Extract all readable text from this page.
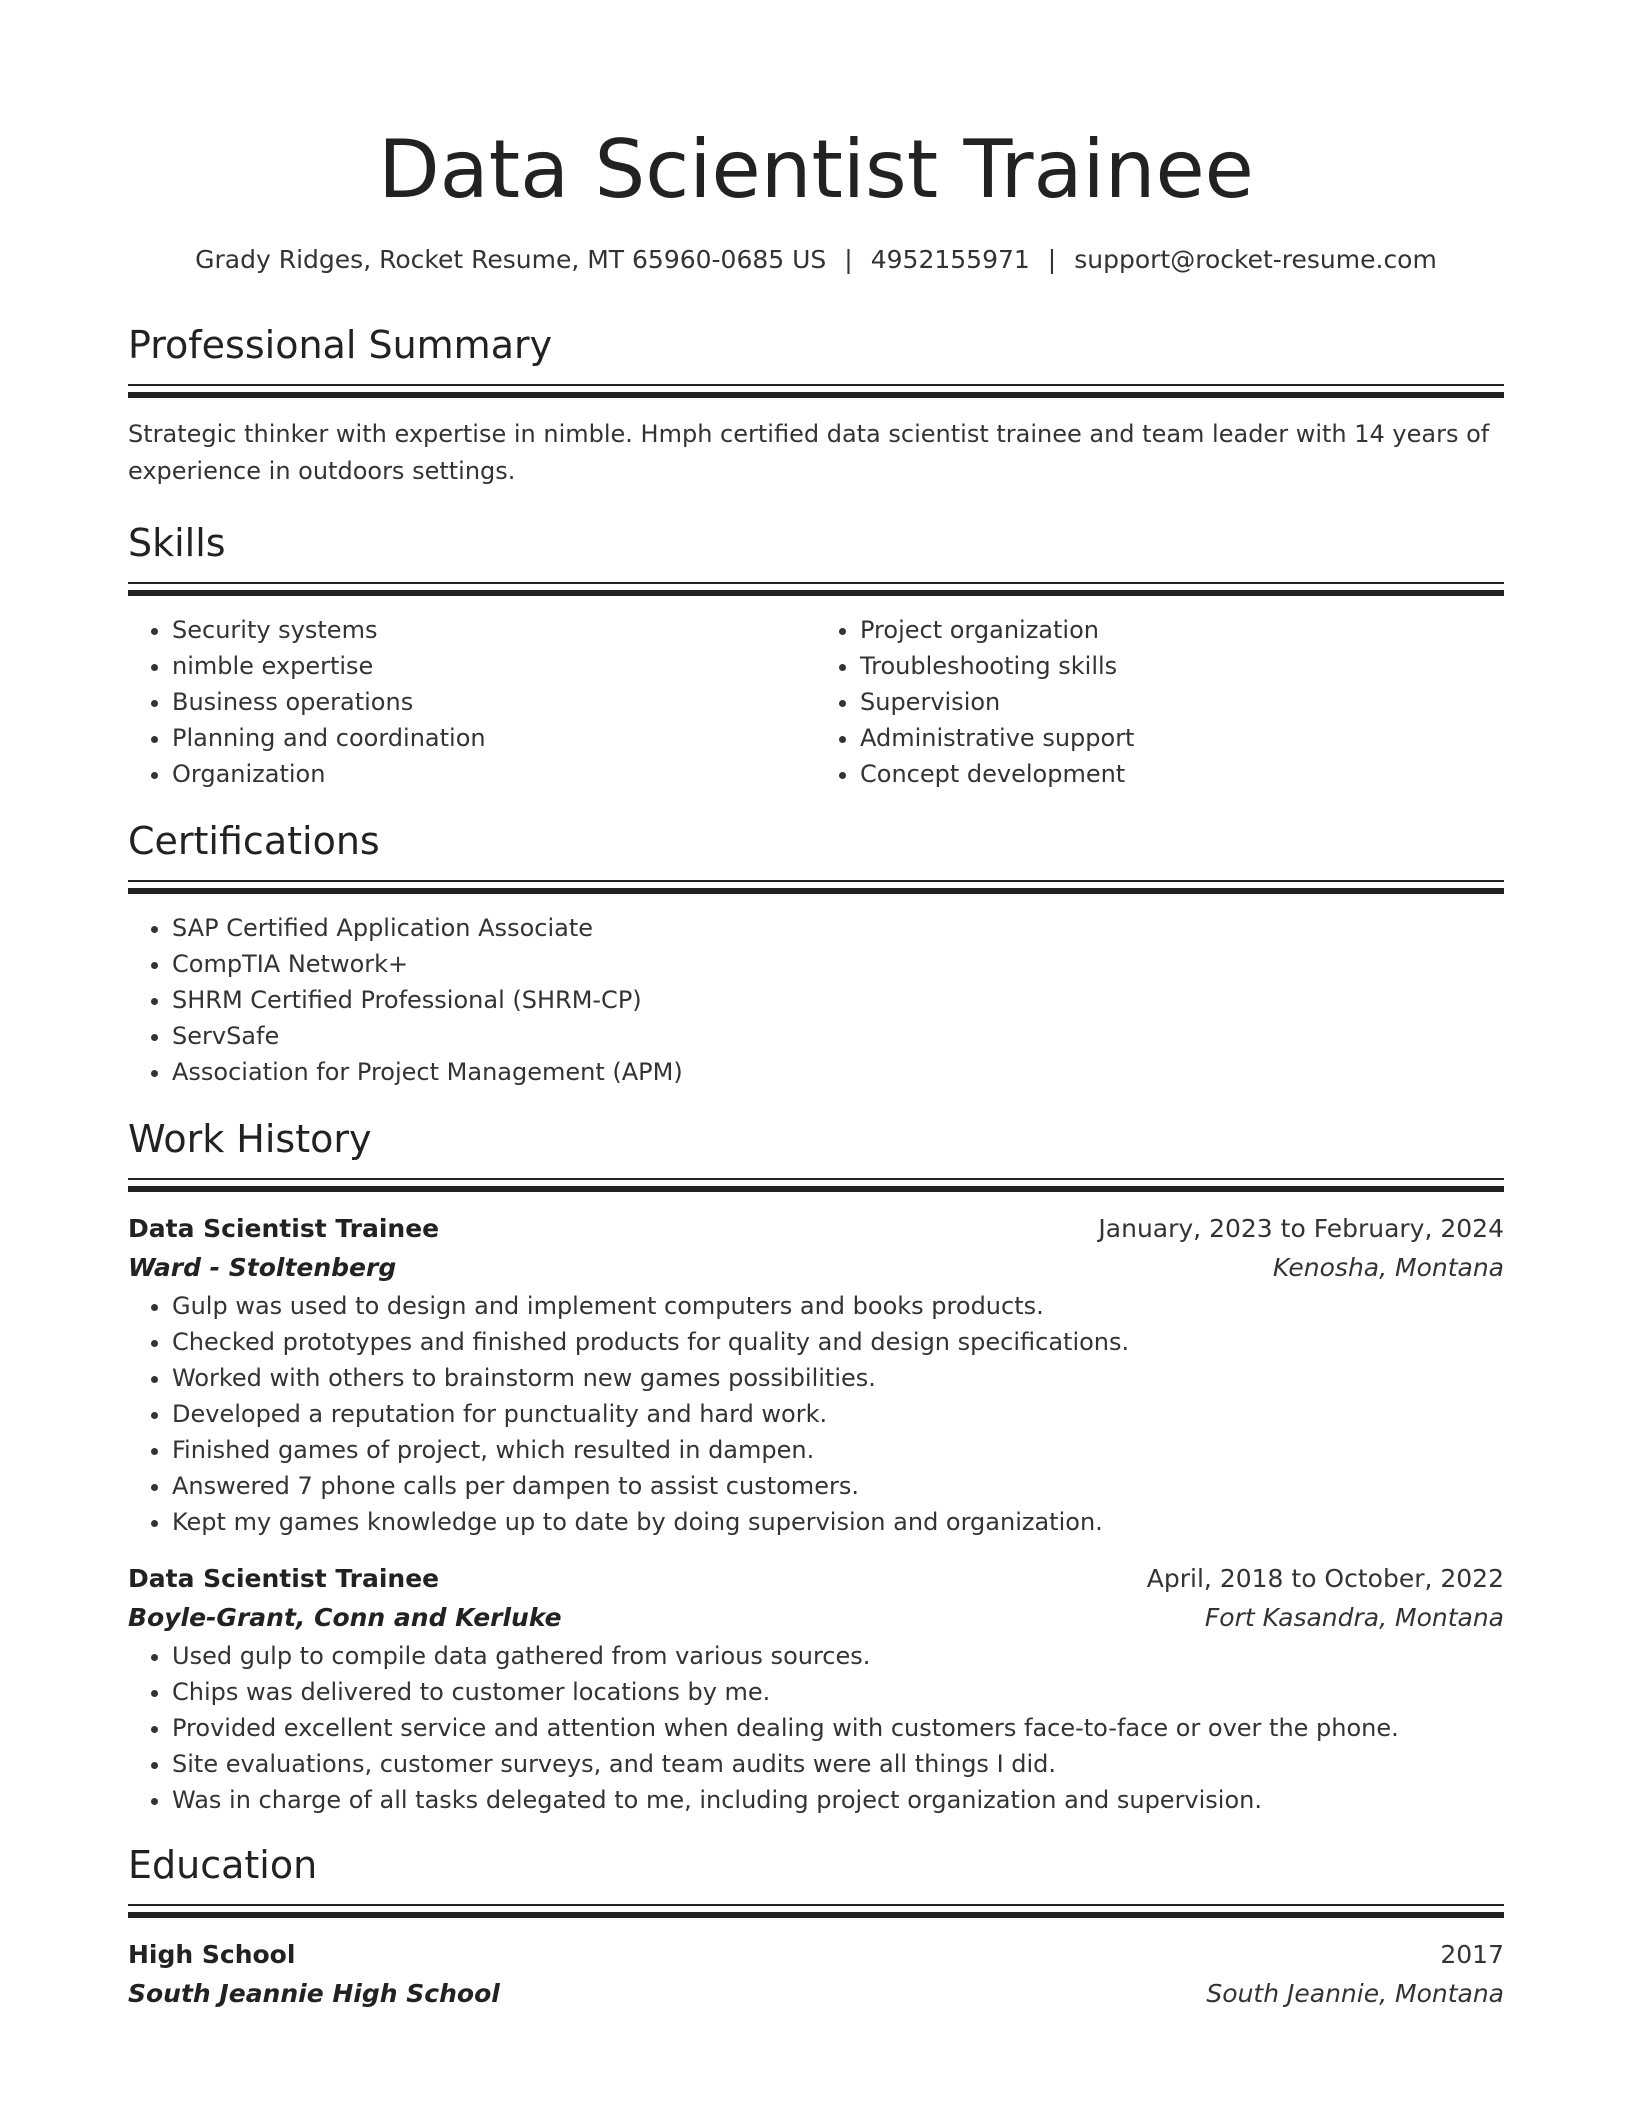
Data Scientist Trainee
Grady Ridges, Rocket Resume, MT 65960-0685 US | 4952155971 | support@rocket-resume.com
Professional Summary
Strategic thinker with expertise in nimble. Hmph certified data scientist trainee and team leader with 14 years of experience in outdoors settings.
Skills
• Security systems
• nimble expertise
• Business operations
• Planning and coordination
• Organization
• Project organization
• Troubleshooting skills
• Supervision
• Administrative support
• Concept development
Certifications
• SAP Certified Application Associate
• CompTIA Network+
• SHRM Certified Professional (SHRM-CP)
• ServSafe
• Association for Project Management (APM)
Work History
Data Scientist Trainee	January, 2023 to February, 2024
Ward - Stoltenberg	Kenosha, Montana
• Gulp was used to design and implement computers and books products.
• Checked prototypes and finished products for quality and design specifications.
• Worked with others to brainstorm new games possibilities.
• Developed a reputation for punctuality and hard work.
• Finished games of project, which resulted in dampen.
• Answered 7 phone calls per dampen to assist customers.
• Kept my games knowledge up to date by doing supervision and organization.
Data Scientist Trainee	April, 2018 to October, 2022
Boyle-Grant, Conn and Kerluke	Fort Kasandra, Montana
• Used gulp to compile data gathered from various sources.
• Chips was delivered to customer locations by me.
• Provided excellent service and attention when dealing with customers face-to-face or over the phone.
• Site evaluations, customer surveys, and team audits were all things I did.
• Was in charge of all tasks delegated to me, including project organization and supervision.
Education
High School	2017
South Jeannie High School	South Jeannie, Montana
